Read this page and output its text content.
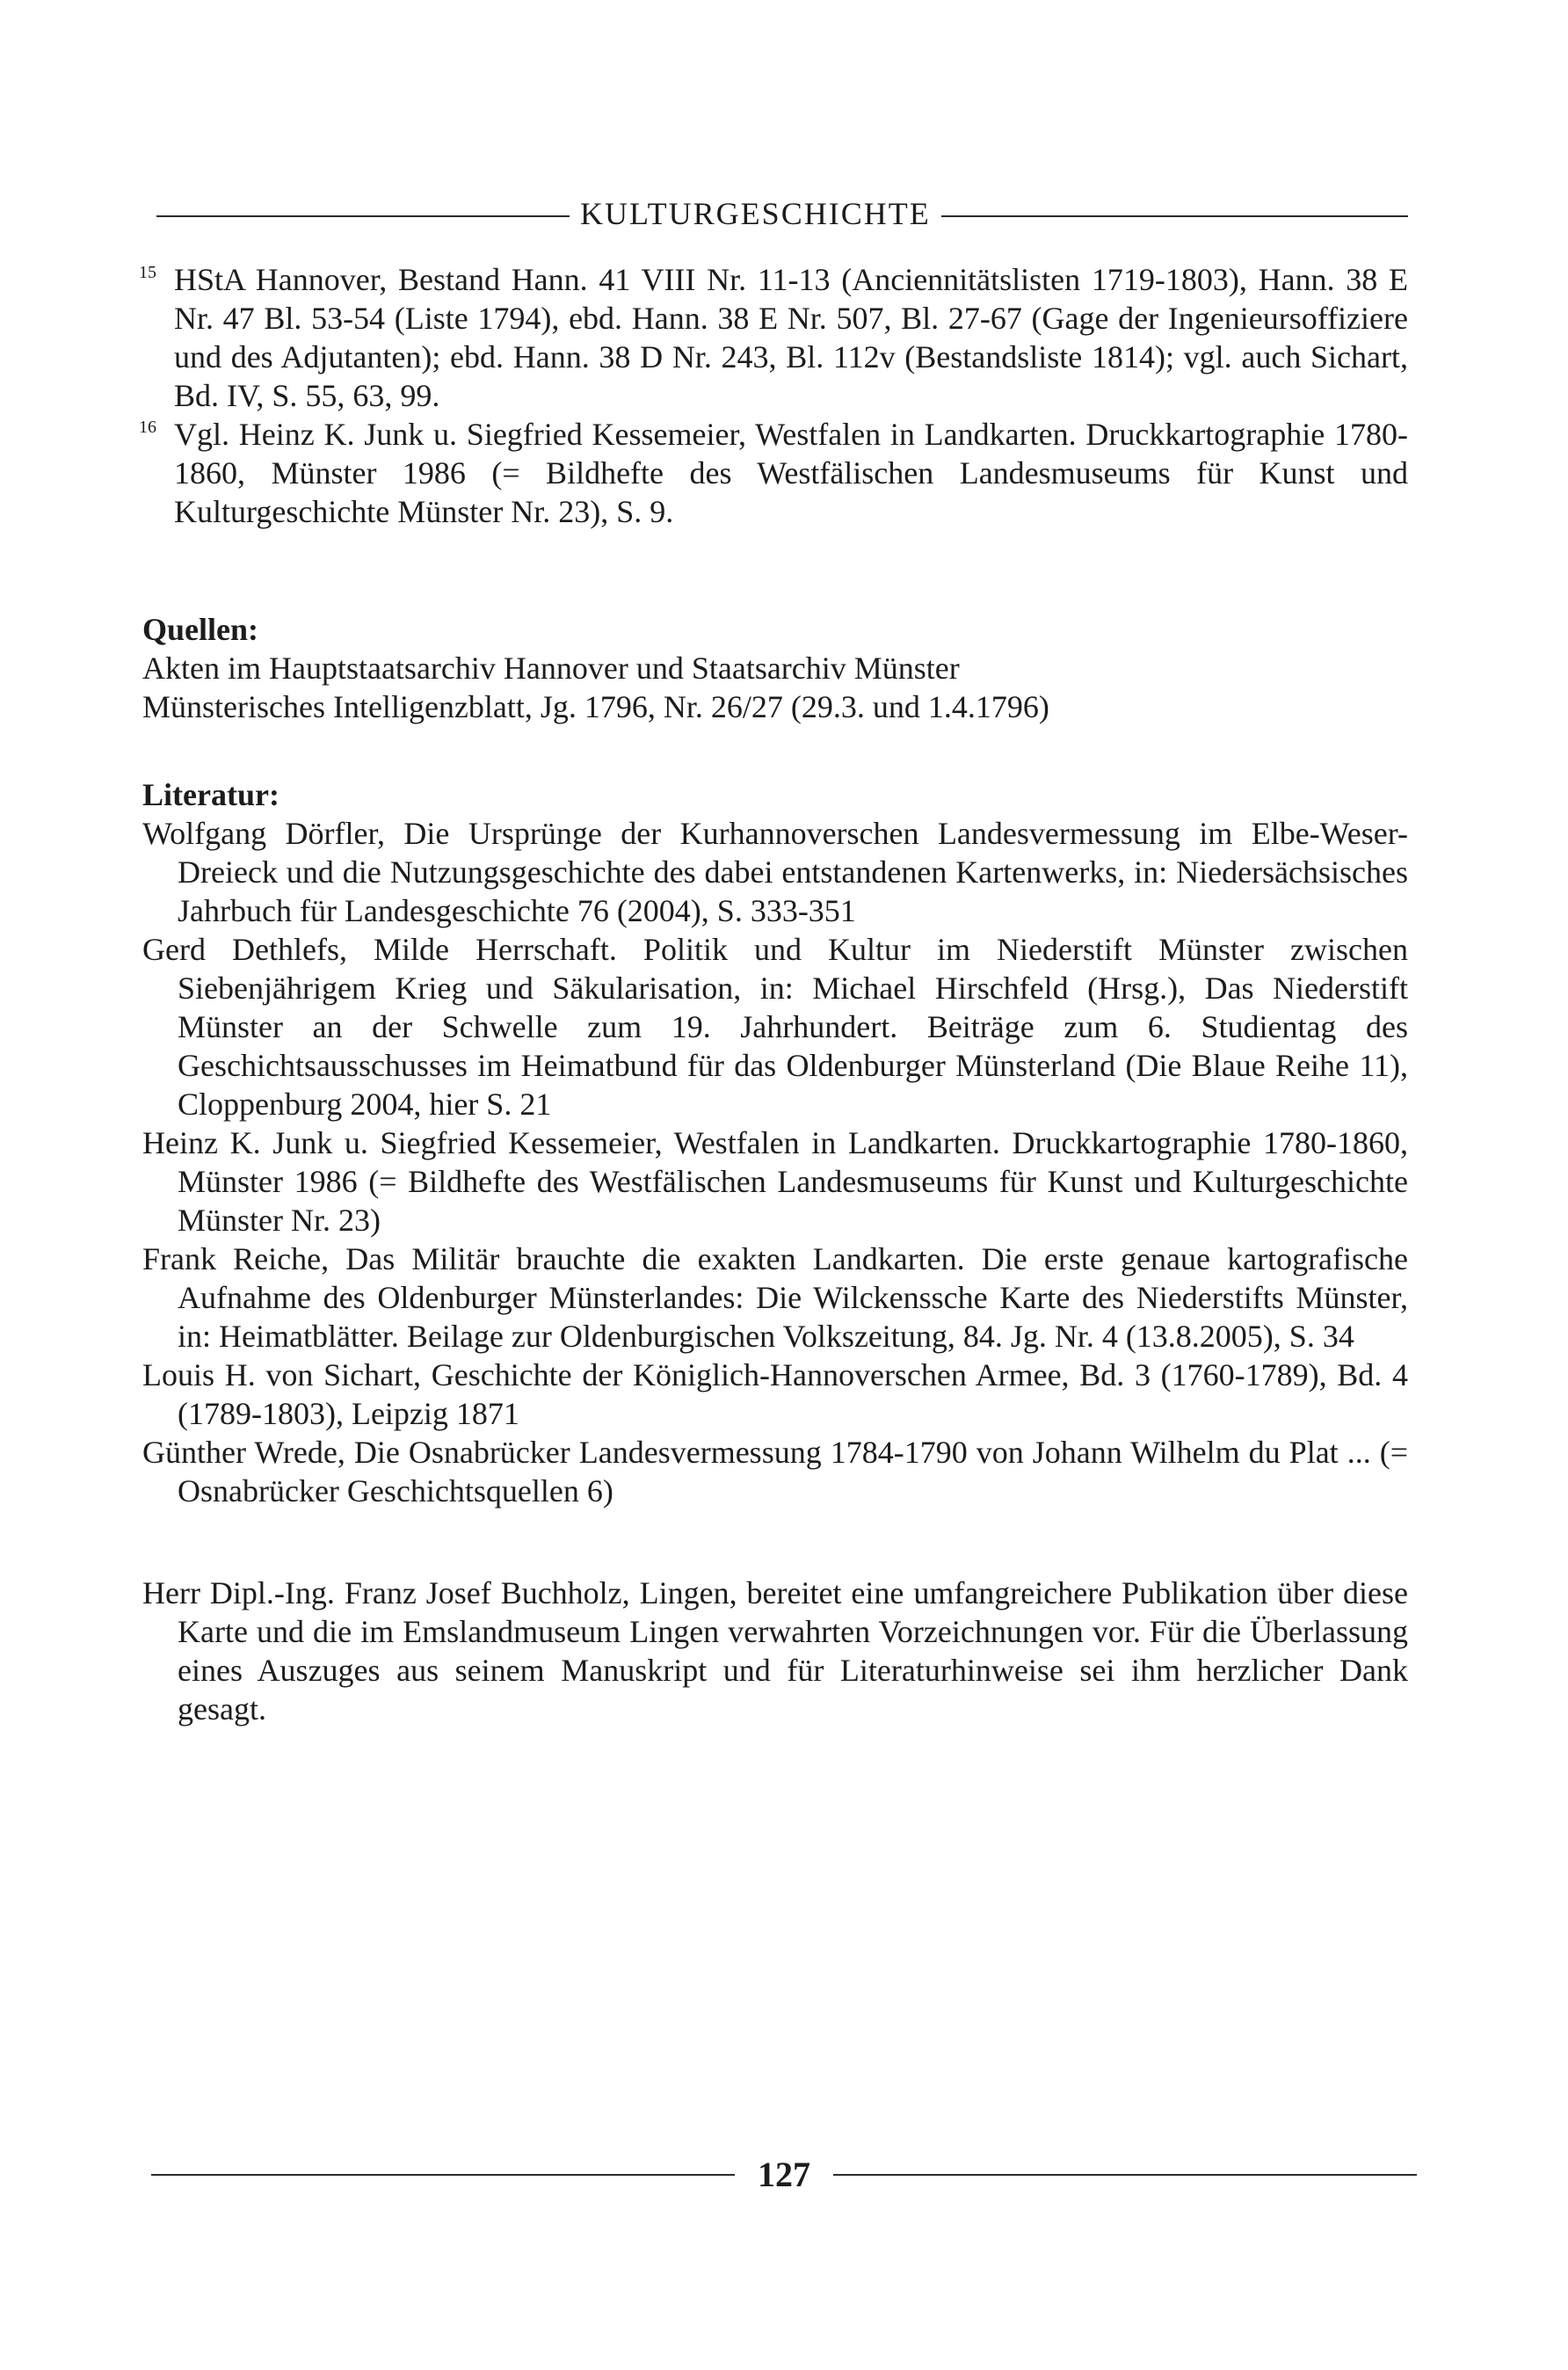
KULTURGESCHICHTE
15 HStA Hannover, Bestand Hann. 41 VIII Nr. 11-13 (Anciennitätslisten 1719-1803), Hann. 38 E Nr. 47 Bl. 53-54 (Liste 1794), ebd. Hann. 38 E Nr. 507, Bl. 27-67 (Gage der Ingenieursoffiziere und des Adjutanten); ebd. Hann. 38 D Nr. 243, Bl. 112v (Bestandsliste 1814); vgl. auch Sichart, Bd. IV, S. 55, 63, 99.
16 Vgl. Heinz K. Junk u. Siegfried Kessemeier, Westfalen in Landkarten. Druckkartographie 1780-1860, Münster 1986 (= Bildhefte des Westfälischen Landesmuseums für Kunst und Kulturgeschichte Münster Nr. 23), S. 9.

Quellen:

Akten im Hauptstaatsarchiv Hannover und Staatsarchiv Münster

Münsterisches Intelligenzblatt, Jg. 1796, Nr. 26/27 (29.3. und 1.4.1796)

Literatur:

Wolfgang Dörfler, Die Ursprünge der Kurhannoverschen Landesvermessung im Elbe-Weser-Dreieck und die Nutzungsgeschichte des dabei entstandenen Kartenwerks, in: Niedersächsisches Jahrbuch für Landesgeschichte 76 (2004), S. 333-351

Gerd Dethlefs, Milde Herrschaft. Politik und Kultur im Niederstift Münster zwischen Siebenjährigem Krieg und Säkularisation, in: Michael Hirschfeld (Hrsg.), Das Niederstift Münster an der Schwelle zum 19. Jahrhundert. Beiträge zum 6. Studientag des Geschichtsausschusses im Heimatbund für das Oldenburger Münsterland (Die Blaue Reihe 11), Cloppenburg 2004, hier S. 21

Heinz K. Junk u. Siegfried Kessemeier, Westfalen in Landkarten. Druckkartographie 1780-1860, Münster 1986 (= Bildhefte des Westfälischen Landesmuseums für Kunst und Kulturgeschichte Münster Nr. 23)

Frank Reiche, Das Militär brauchte die exakten Landkarten. Die erste genaue kartografische Aufnahme des Oldenburger Münsterlandes: Die Wilckenssche Karte des Niederstifts Münster, in: Heimatblätter. Beilage zur Oldenburgischen Volkszeitung, 84. Jg. Nr. 4 (13.8.2005), S. 34

Louis H. von Sichart, Geschichte der Königlich-Hannoverschen Armee, Bd. 3 (1760-1789), Bd. 4 (1789-1803), Leipzig 1871

Günther Wrede, Die Osnabrücker Landesvermessung 1784-1790 von Johann Wilhelm du Plat ... (= Osnabrücker Geschichtsquellen 6)

Herr Dipl.-Ing. Franz Josef Buchholz, Lingen, bereitet eine umfangreichere Publikation über diese Karte und die im Emslandmuseum Lingen verwahrten Vorzeichnungen vor. Für die Überlassung eines Auszuges aus seinem Manuskript und für Literaturhinweise sei ihm herzlicher Dank gesagt.

127
